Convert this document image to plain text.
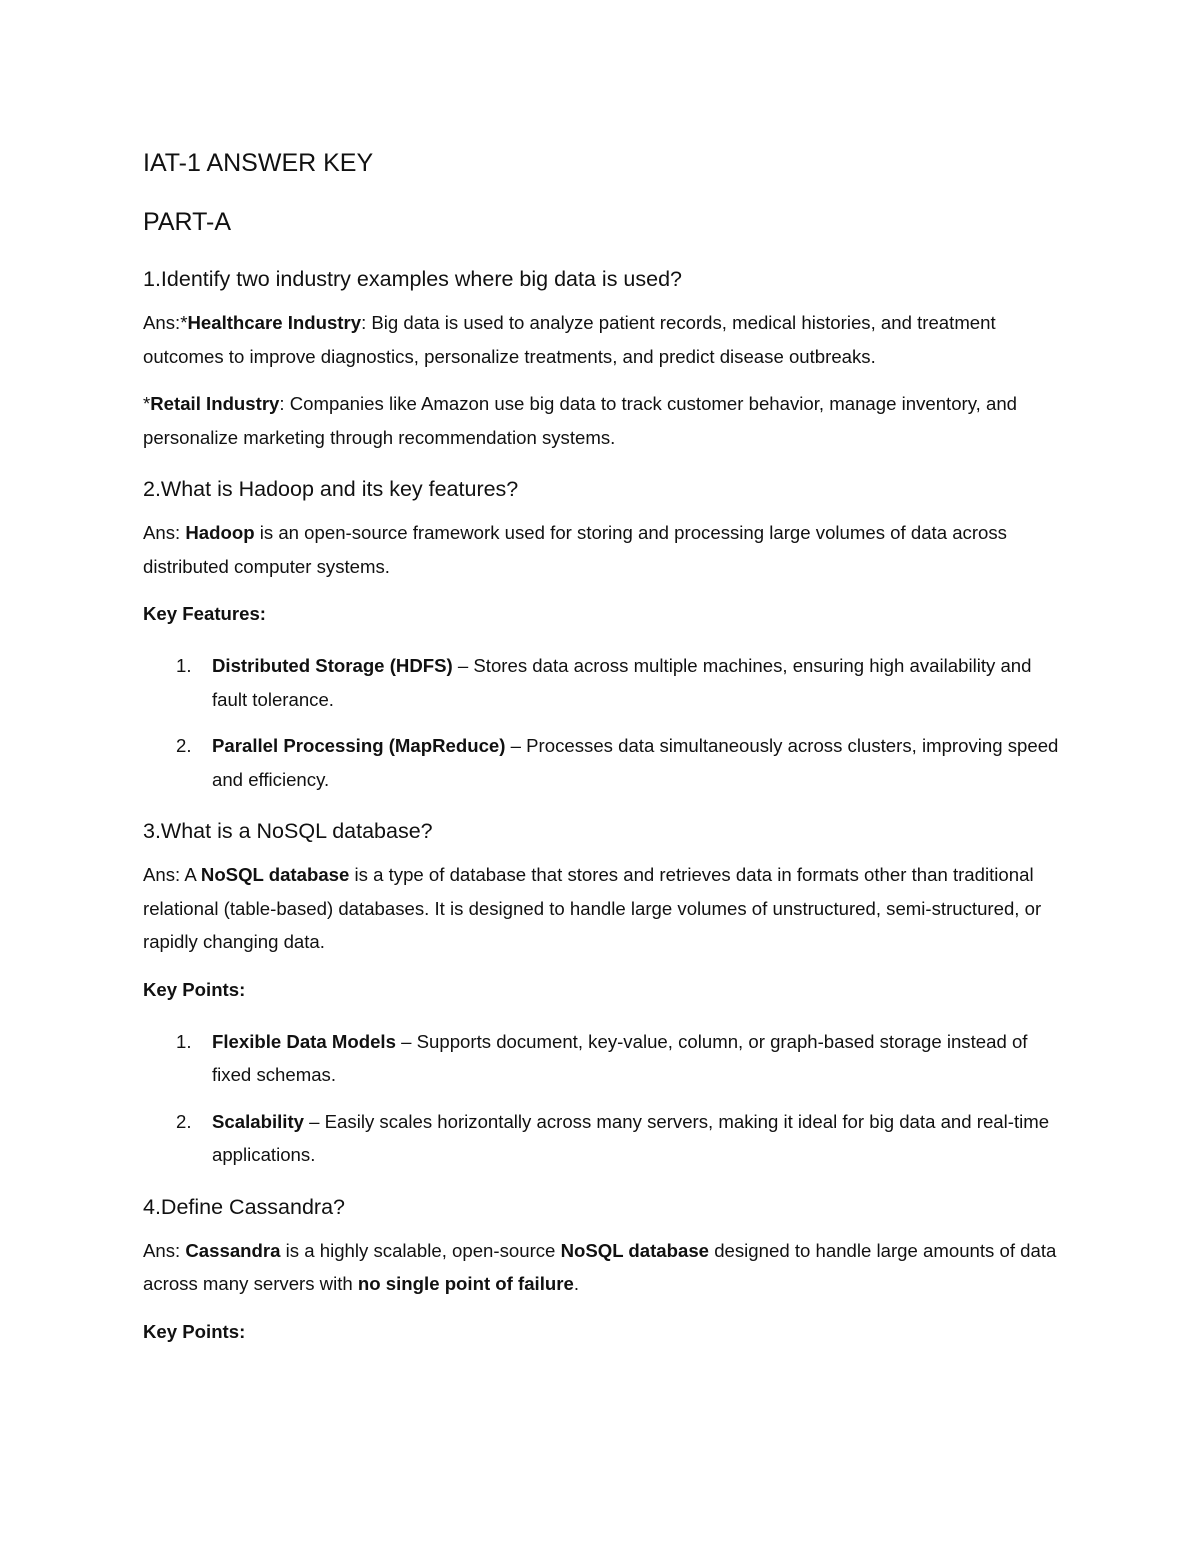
IAT-1 ANSWER KEY
PART-A
1.Identify two industry examples where big data is used?

Ans:*Healthcare Industry: Big data is used to analyze patient records, medical histories, and treatment outcomes to improve diagnostics, personalize treatments, and predict disease outbreaks.

*Retail Industry: Companies like Amazon use big data to track customer behavior, manage inventory, and personalize marketing through recommendation systems.

2.What is Hadoop and its key features?

Ans: Hadoop is an open-source framework used for storing and processing large volumes of data across distributed computer systems.

Key Features:

1. Distributed Storage (HDFS) – Stores data across multiple machines, ensuring high availability and fault tolerance.
2. Parallel Processing (MapReduce) – Processes data simultaneously across clusters, improving speed and efficiency.
3.What is a NoSQL database?

Ans: A NoSQL database is a type of database that stores and retrieves data in formats other than traditional relational (table-based) databases. It is designed to handle large volumes of unstructured, semi-structured, or rapidly changing data.

Key Points:

1. Flexible Data Models – Supports document, key-value, column, or graph-based storage instead of fixed schemas.
2. Scalability – Easily scales horizontally across many servers, making it ideal for big data and real-time applications.
4.Define Cassandra?

Ans: Cassandra is a highly scalable, open-source NoSQL database designed to handle large amounts of data across many servers with no single point of failure.

Key Points:
